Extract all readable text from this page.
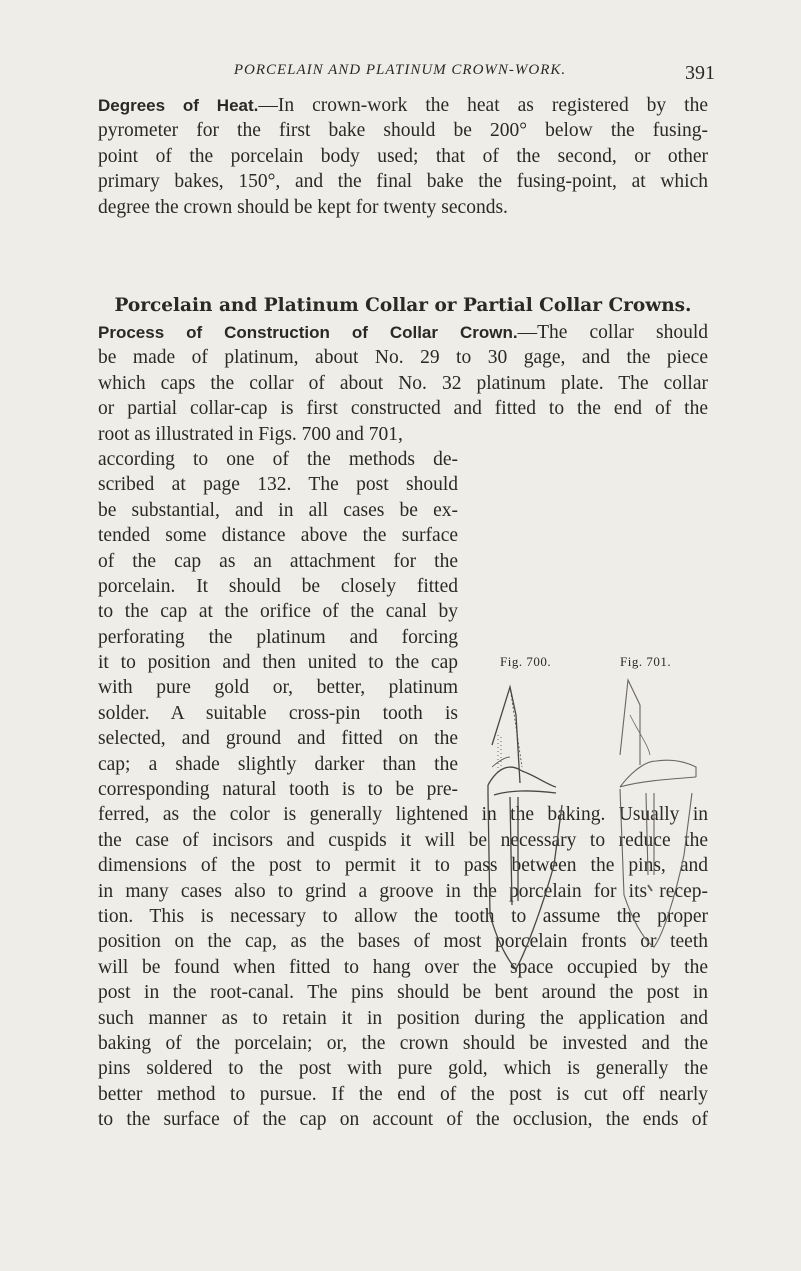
PORCELAIN AND PLATINUM CROWN-WORK.	391
Degrees of Heat.—In crown-work the heat as registered by the
pyrometer for the first bake should be 200° below the fusing-
point of the porcelain body used; that of the second, or other
primary bakes, 150°, and the final bake the fusing-point, at which
degree the crown should be kept for twenty seconds.
Porcelain and Platinum Collar or Partial Collar Crowns.
Process of Construction of Collar Crown.—The collar should
be made of platinum, about No. 29 to 30 gage, and the piece
which caps the collar of about No. 32 platinum plate. The collar
or partial collar-cap is first constructed and fitted to the end of the
root as illustrated in Figs. 700 and 701,
according to one of the methods de-
scribed at page 132. The post should
be substantial, and in all cases be ex-
tended some distance above the surface
of the cap as an attachment for the
porcelain. It should be closely fitted
to the cap at the orifice of the canal by
perforating the platinum and forcing
it to position and then united to the cap
with pure gold or, better, platinum
solder. A suitable cross-pin tooth is
selected, and ground and fitted on the
cap; a shade slightly darker than the
corresponding natural tooth is to be pre-
ferred, as the color is generally lightened in the baking. Usually in
the case of incisors and cuspids it will be necessary to reduce the
dimensions of the post to permit it to pass between the pins, and
in many cases also to grind a groove in the porcelain for its recep-
tion. This is necessary to allow the tooth to assume the proper
position on the cap, as the bases of most porcelain fronts or teeth
will be found when fitted to hang over the space occupied by the
post in the root-canal. The pins should be bent around the post in
such manner as to retain it in position during the application and
baking of the porcelain; or, the crown should be invested and the
pins soldered to the post with pure gold, which is generally the
better method to pursue. If the end of the post is cut off nearly
to the surface of the cap on account of the occlusion, the ends of
Fig. 700.	Fig. 701.
